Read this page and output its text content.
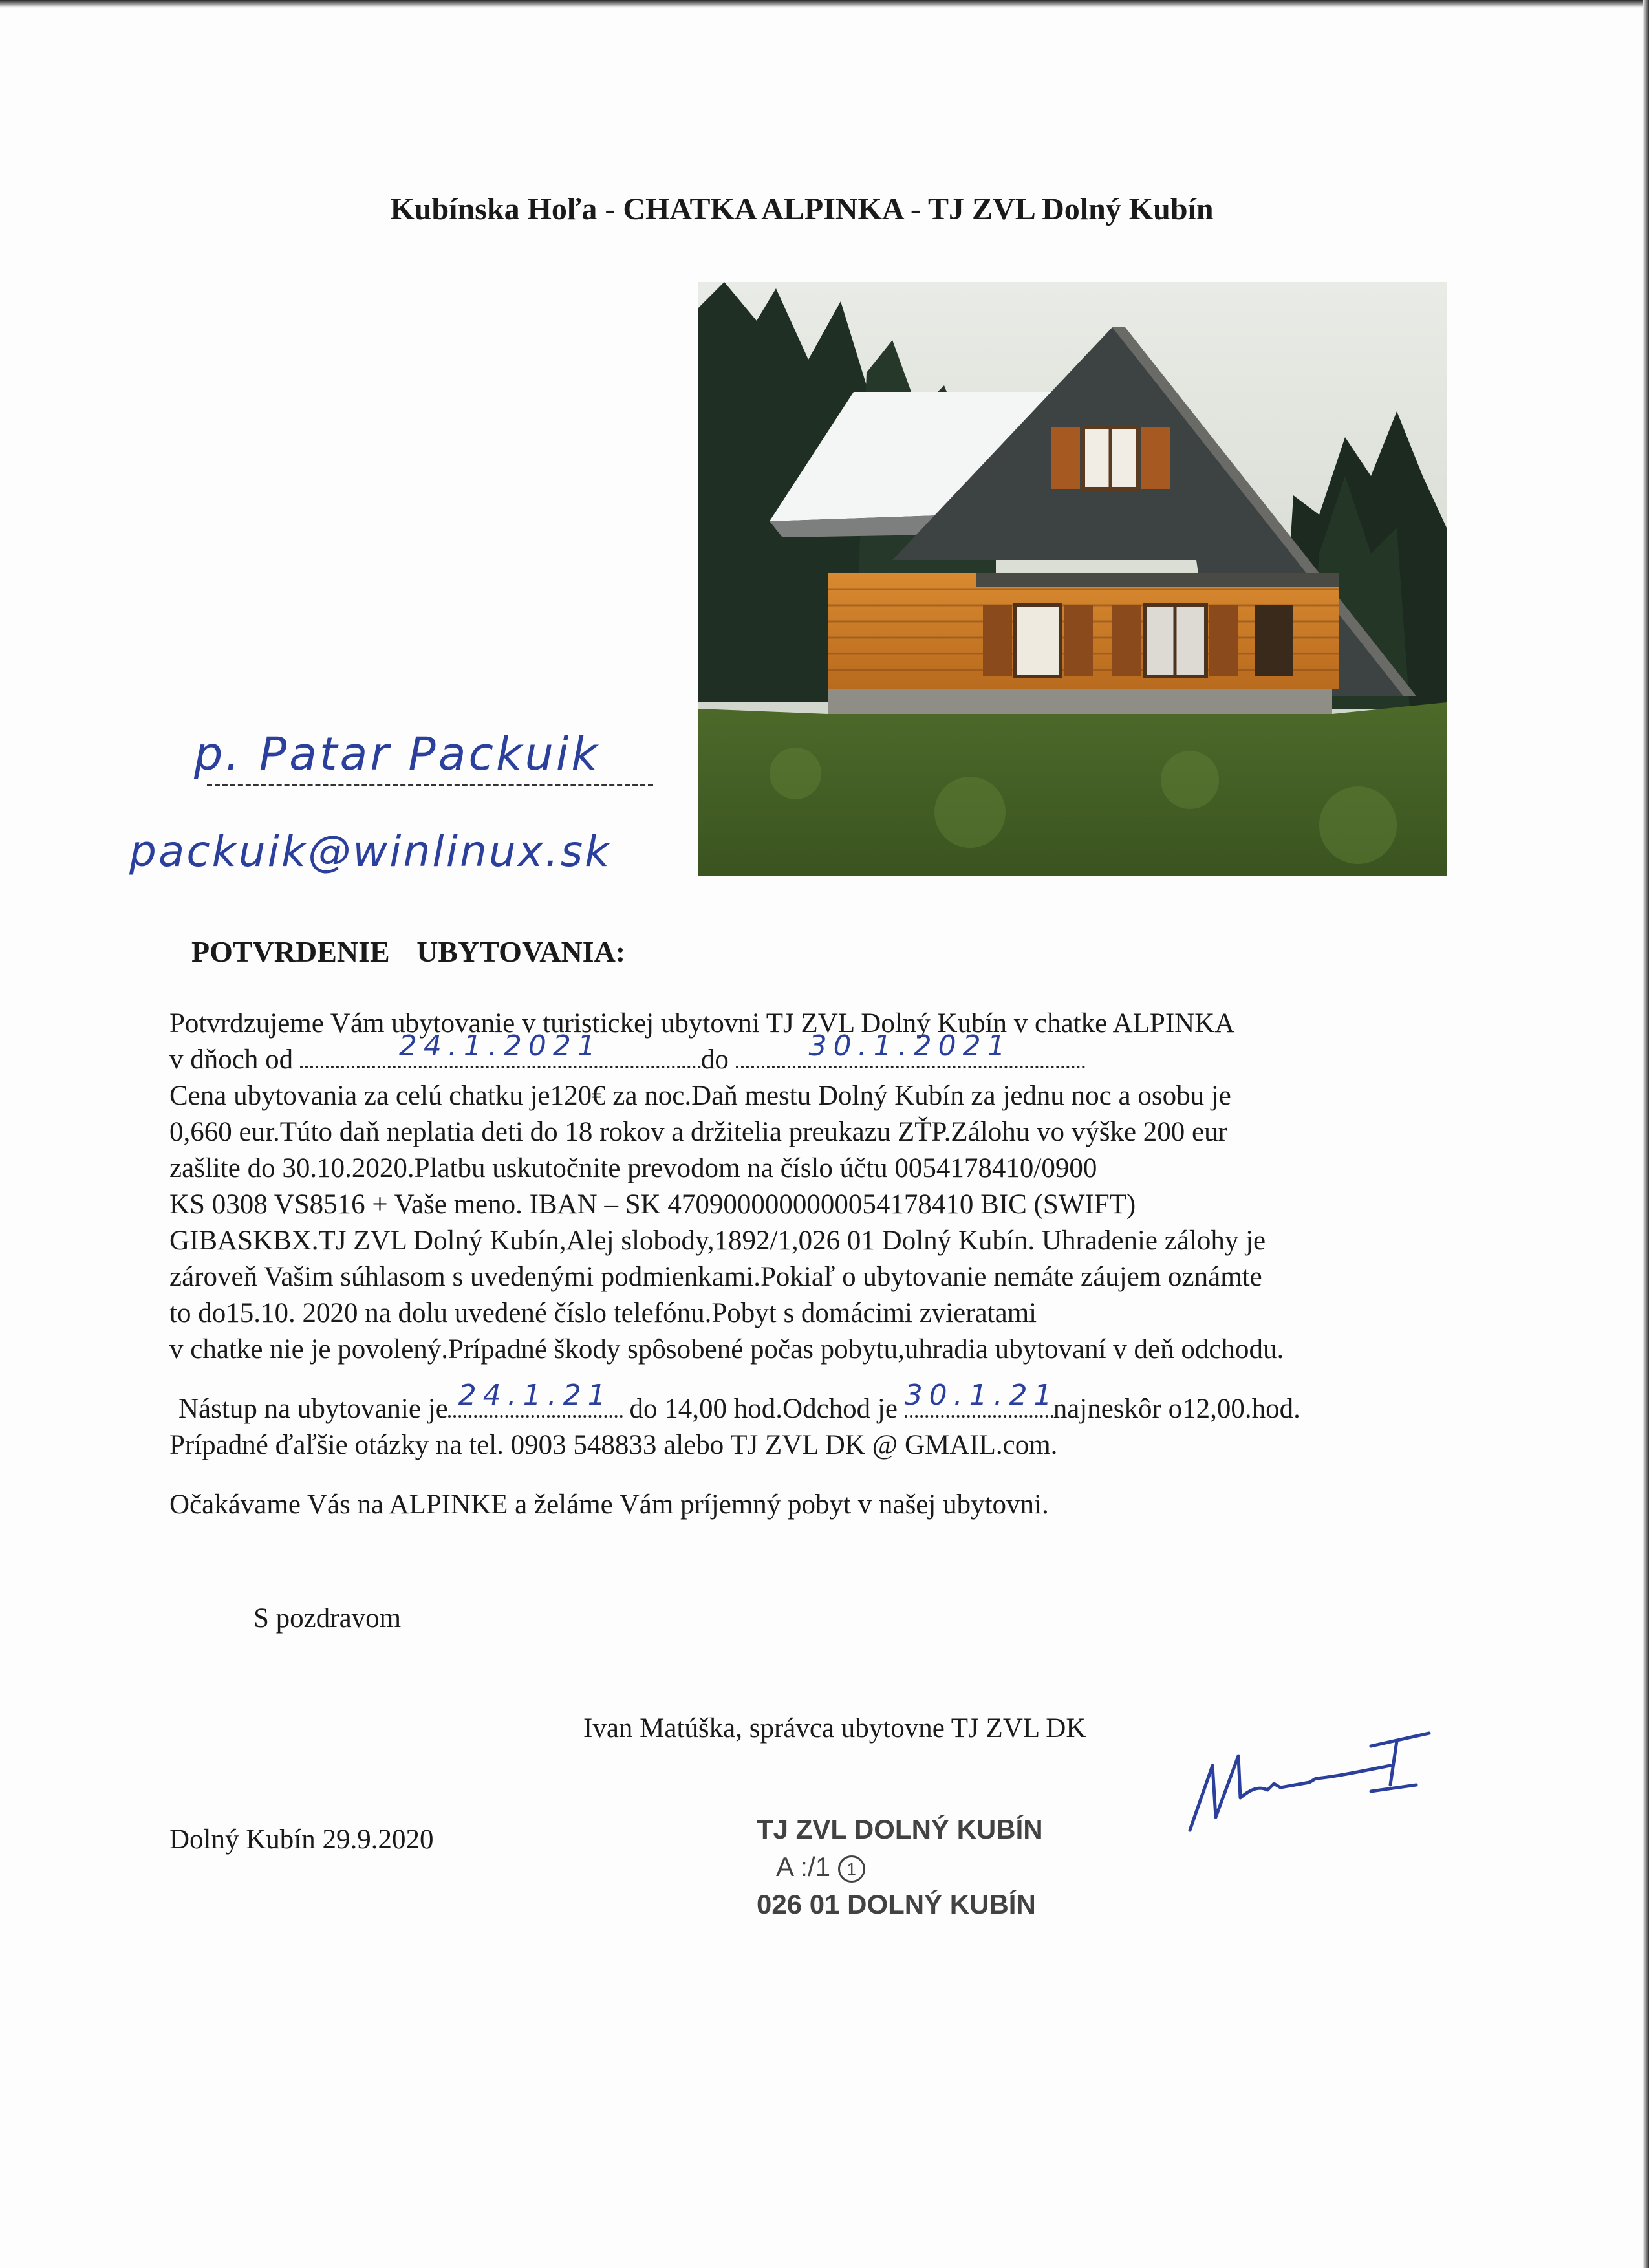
Kubínska Hoľa - CHATKA ALPINKA - TJ ZVL Dolný Kubín
p. Patar Packuik
packuik@winlinux.sk
POTVRDENIE UBYTOVANIA:

Potvrdzujeme Vám ubytovanie v turistickej ubytovni TJ ZVL Dolný Kubín v chatke ALPINKA

v dňoch od	24.1.2021	do	30.1.2021

Cena ubytovania za celú chatku je120€ za noc.Daň mestu Dolný Kubín za jednu noc a osobu je

0,660 eur.Túto daň neplatia deti do 18 rokov a držitelia preukazu ZŤP.Zálohu vo výške 200 eur

zašlite do 30.10.2020.Platbu uskutočnite prevodom na číslo účtu 0054178410/0900

KS 0308 VS8516 + Vaše meno. IBAN – SK 4709000000000054178410 BIC (SWIFT)

GIBASKBX.TJ ZVL Dolný Kubín,Alej slobody,1892/1,026 01 Dolný Kubín. Uhradenie zálohy je

zároveň Vašim súhlasom s uvedenými podmienkami.Pokiaľ o ubytovanie nemáte záujem oznámte

to do15.10. 2020 na dolu uvedené číslo telefónu.Pobyt s domácimi zvieratami

v chatke nie je povolený.Prípadné škody spôsobené počas pobytu,uhradia ubytovaní v deň odchodu.

Nástup na ubytovanie je 24.1.21 do 14,00 hod.Odchod je 30.1.21
najneskôr o12,00.hod.

Prípadné ďaľšie otázky na tel. 0903 548833 alebo TJ ZVL DK @ GMAIL.com.

Očakávame Vás na ALPINKE a želáme Vám príjemný pobyt v našej ubytovni.

S pozdravom
Ivan Matúška, správca ubytovne TJ ZVL DK
Dolný Kubín 29.9.2020	TJ ZVL DOLNÝ KUBÍN
A :/1 1
026 01 DOLNÝ KUBÍN
